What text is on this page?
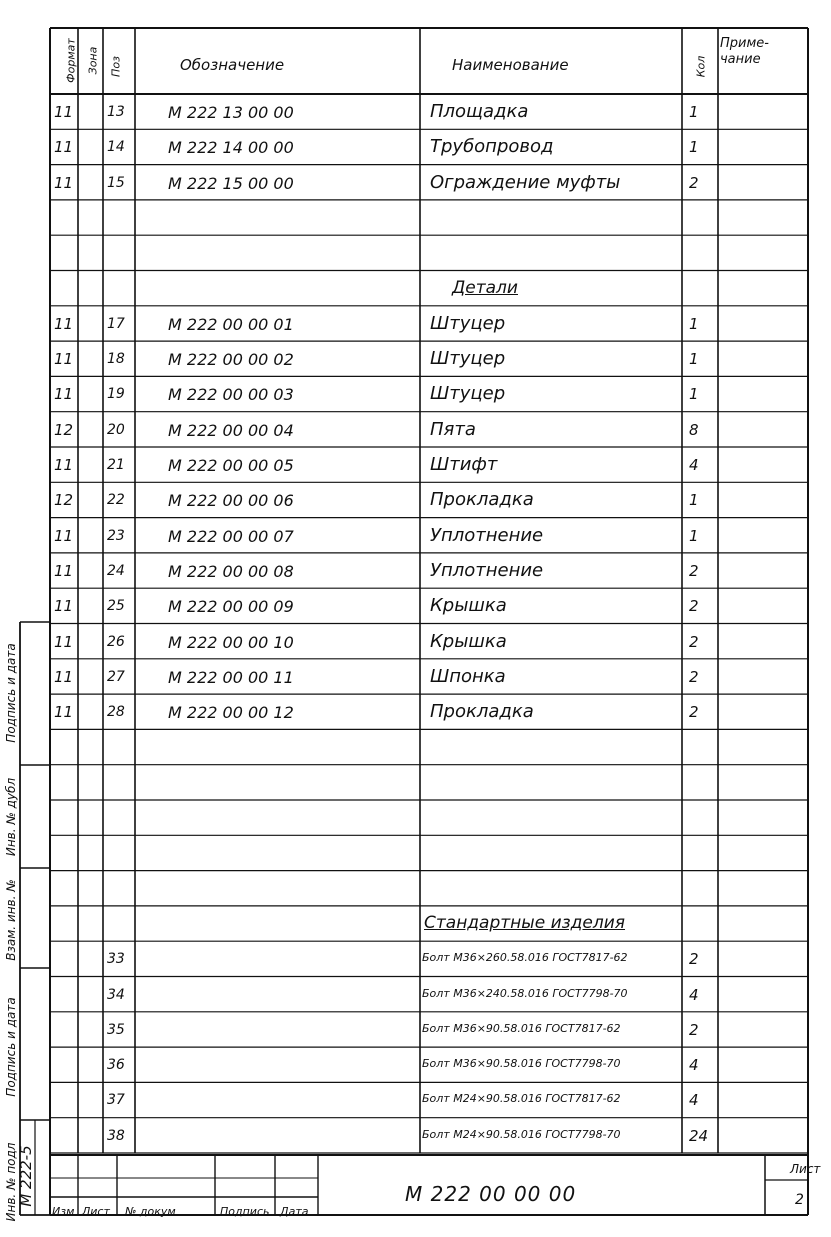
Формат Зона Поз	Обозначение	Наименование	Кол
Приме-
чание
11 13	М 222 13 00 00	Площадка	1
11 14	М 222 14 00 00	Трубопровод	1
11 15	М 222 15 00 00	Ограждение муфты	2
Детали
11 17	М 222 00 00 01	Штуцер	1
11 18	М 222 00 00 02	Штуцер	1
11 19	М 222 00 00 03	Штуцер	1
12 20	М 222 00 00 04	Пята	8
11 21	М 222 00 00 05	Штифт	4
12 22	М 222 00 00 06	Прокладка	1
11 23	М 222 00 00 07	Уплотнение	1
11 24	М 222 00 00 08	Уплотнение	2
11 25	М 222 00 00 09	Крышка	2
11 26	М 222 00 00 10	Крышка	2
11 27	М 222 00 00 11	Шпонка	2
11 28	М 222 00 00 12	Прокладка	2
Стандартные изделия
33	Болт М36×260.58.016 ГОСТ7817-62	2
34	Болт М36×240.58.016 ГОСТ7798-70	4
35	Болт М36×90.58.016 ГОСТ7817-62	2
36	Болт М36×90.58.016 ГОСТ7798-70	4
37	Болт М24×90.58.016 ГОСТ7817-62	4
38	Болт М24×90.58.016 ГОСТ7798-70	24
Подпись и дата
Инв. № дубл
Взам. инв. №
Подпись и дата
Инв. № подл М 222-5
Изм Лист № докум	Подпись Дата
М 222 00 00 00
Лист
2
